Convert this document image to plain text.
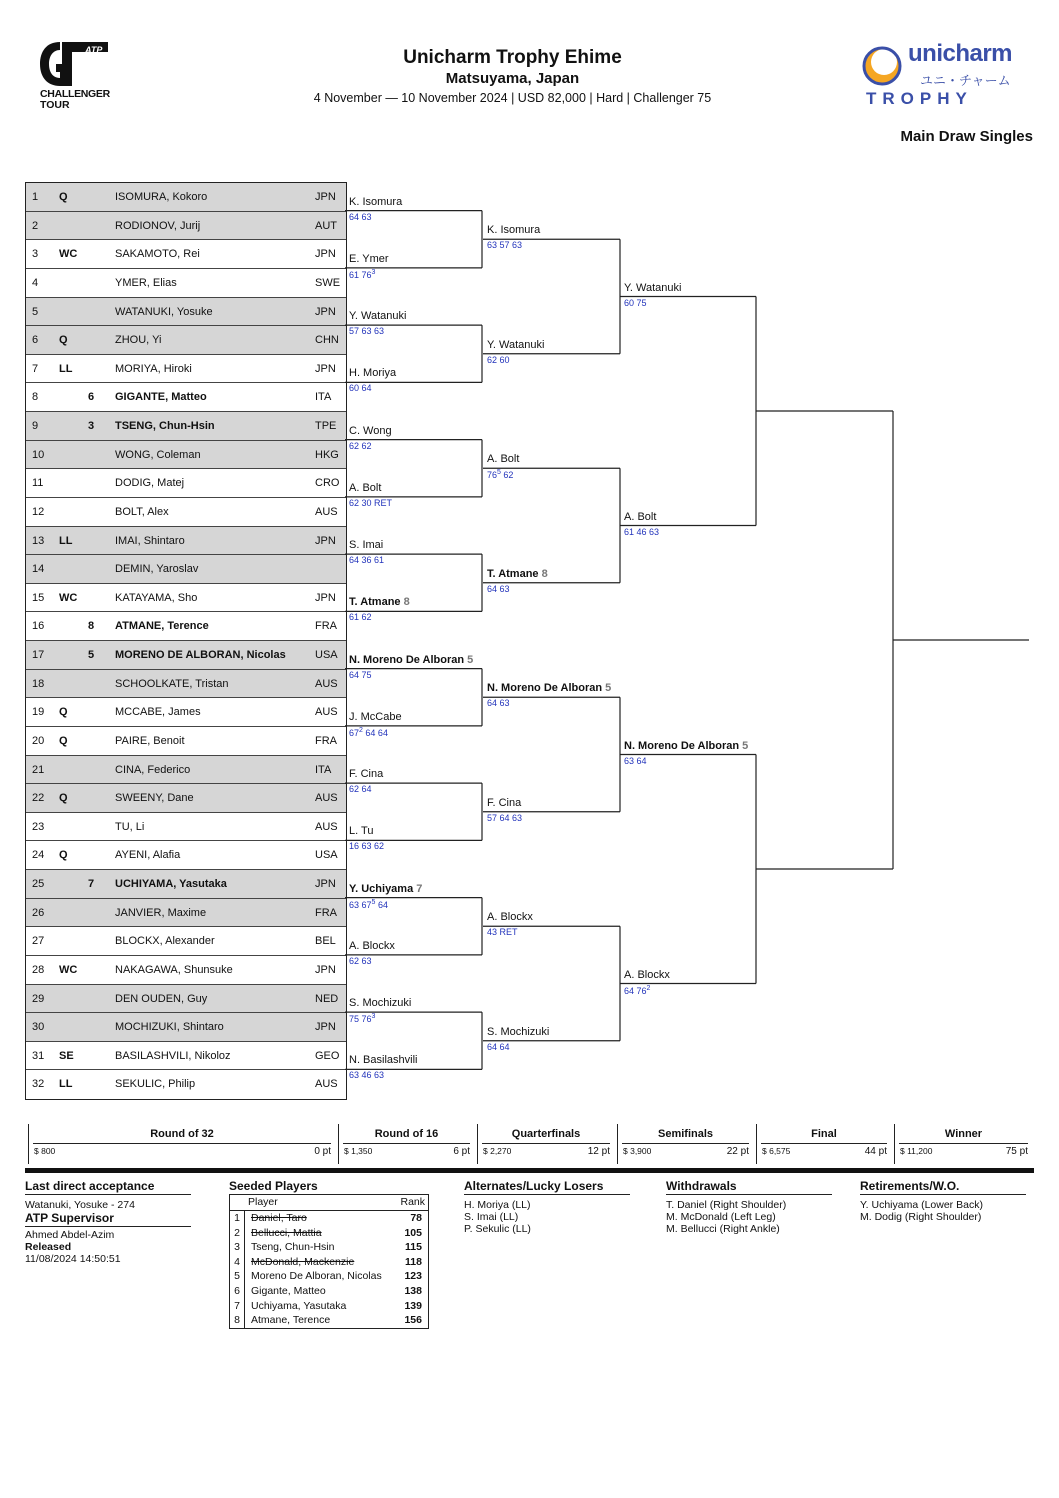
ATP
CHALLENGER
TOUR
unicharm
ユニ・チャーム
TROPHY
Unicharm Trophy Ehime
Matsuyama, Japan
4 November — 10 November 2024 | USD 82,000 | Hard | Challenger 75
Main Draw Singles
1 Q	ISOMURA, Kokoro	JPN
2	RODIONOV, Jurij	AUT
3 WC	SAKAMOTO, Rei	JPN
4	YMER, Elias	SWE
5	WATANUKI, Yosuke	JPN
6 Q	ZHOU, Yi	CHN
7 LL	MORIYA, Hiroki	JPN
8	6 GIGANTE, Matteo	ITA
9	3 TSENG, Chun-Hsin	TPE
10	WONG, Coleman	HKG
11	DODIG, Matej	CRO
12	BOLT, Alex	AUS
13 LL	IMAI, Shintaro	JPN
14	DEMIN, Yaroslav
15 WC	KATAYAMA, Sho	JPN
16	8 ATMANE, Terence	FRA
17	5 MORENO DE ALBORAN, Nicolas	USA
18	SCHOOLKATE, Tristan	AUS
19 Q	MCCABE, James	AUS
20 Q	PAIRE, Benoit	FRA
21	CINA, Federico	ITA
22 Q	SWEENY, Dane	AUS
23	TU, Li	AUS
24 Q	AYENI, Alafia	USA
25	7 UCHIYAMA, Yasutaka	JPN
26	JANVIER, Maxime	FRA
27	BLOCKX, Alexander	BEL
28 WC	NAKAGAWA, Shunsuke	JPN
29	DEN OUDEN, Guy	NED
30	MOCHIZUKI, Shintaro	JPN
31 SE	BASILASHVILI, Nikoloz	GEO
32 LL	SEKULIC, Philip	AUS
K. Isomura
64 63
E. Ymer
61 $76^3$
Y. Watanuki
57 63 63
H. Moriya
60 64
C. Wong
62 62
A. Bolt
62 30 RET
S. Imai
64 36 61
T. Atmane 8
61 62
N. Moreno De Alboran 5
64 75
J. McCabe
$67^2$ 64 64
F. Cina
62 64
L. Tu
16 63 62
Y. Uchiyama 7
63 $67^5$ 64
A. Blockx
62 63
S. Mochizuki
75 $76^3$
N. Basilashvili
63 46 63
K. Isomura
63 57 63
Y. Watanuki
62 60
A. Bolt
$76^5$ 62
T. Atmane 8
64 63
N. Moreno De Alboran 5
64 63
F. Cina
57 64 63
A. Blockx
43 RET
S. Mochizuki
64 64
Y. Watanuki
60 75
A. Bolt
61 46 63
N. Moreno De Alboran 5
63 64
A. Blockx
64 $76^2$
Round of 32
$ 800	0 pt
Round of 16
$ 1,350	6 pt
Quarterfinals
$ 2,270	12 pt
Semifinals
$ 3,900	22 pt
Final
$ 6,575	44 pt
Winner
$ 11,200	75 pt
Last direct acceptance
Watanuki, Yosuke - 274
ATP Supervisor
Ahmed Abdel-Azim
Released
11/08/2024 14:50:51
Seeded Players
Player	Rank
1	Daniel, Taro	78
2	Bellucci, Mattia	105
3	Tseng, Chun-Hsin	115
4	McDonald, Mackenzie	118
5	Moreno De Alboran, Nicolas 123
6	Gigante, Matteo	138
7	Uchiyama, Yasutaka	139
8	Atmane, Terence	156
Alternates/Lucky Losers
H. Moriya (LL)
S. Imai (LL)
P. Sekulic (LL)
Withdrawals
T. Daniel (Right Shoulder)
M. McDonald (Left Leg)
M. Bellucci (Right Ankle)
Retirements/W.O.
Y. Uchiyama (Lower Back)
M. Dodig (Right Shoulder)
